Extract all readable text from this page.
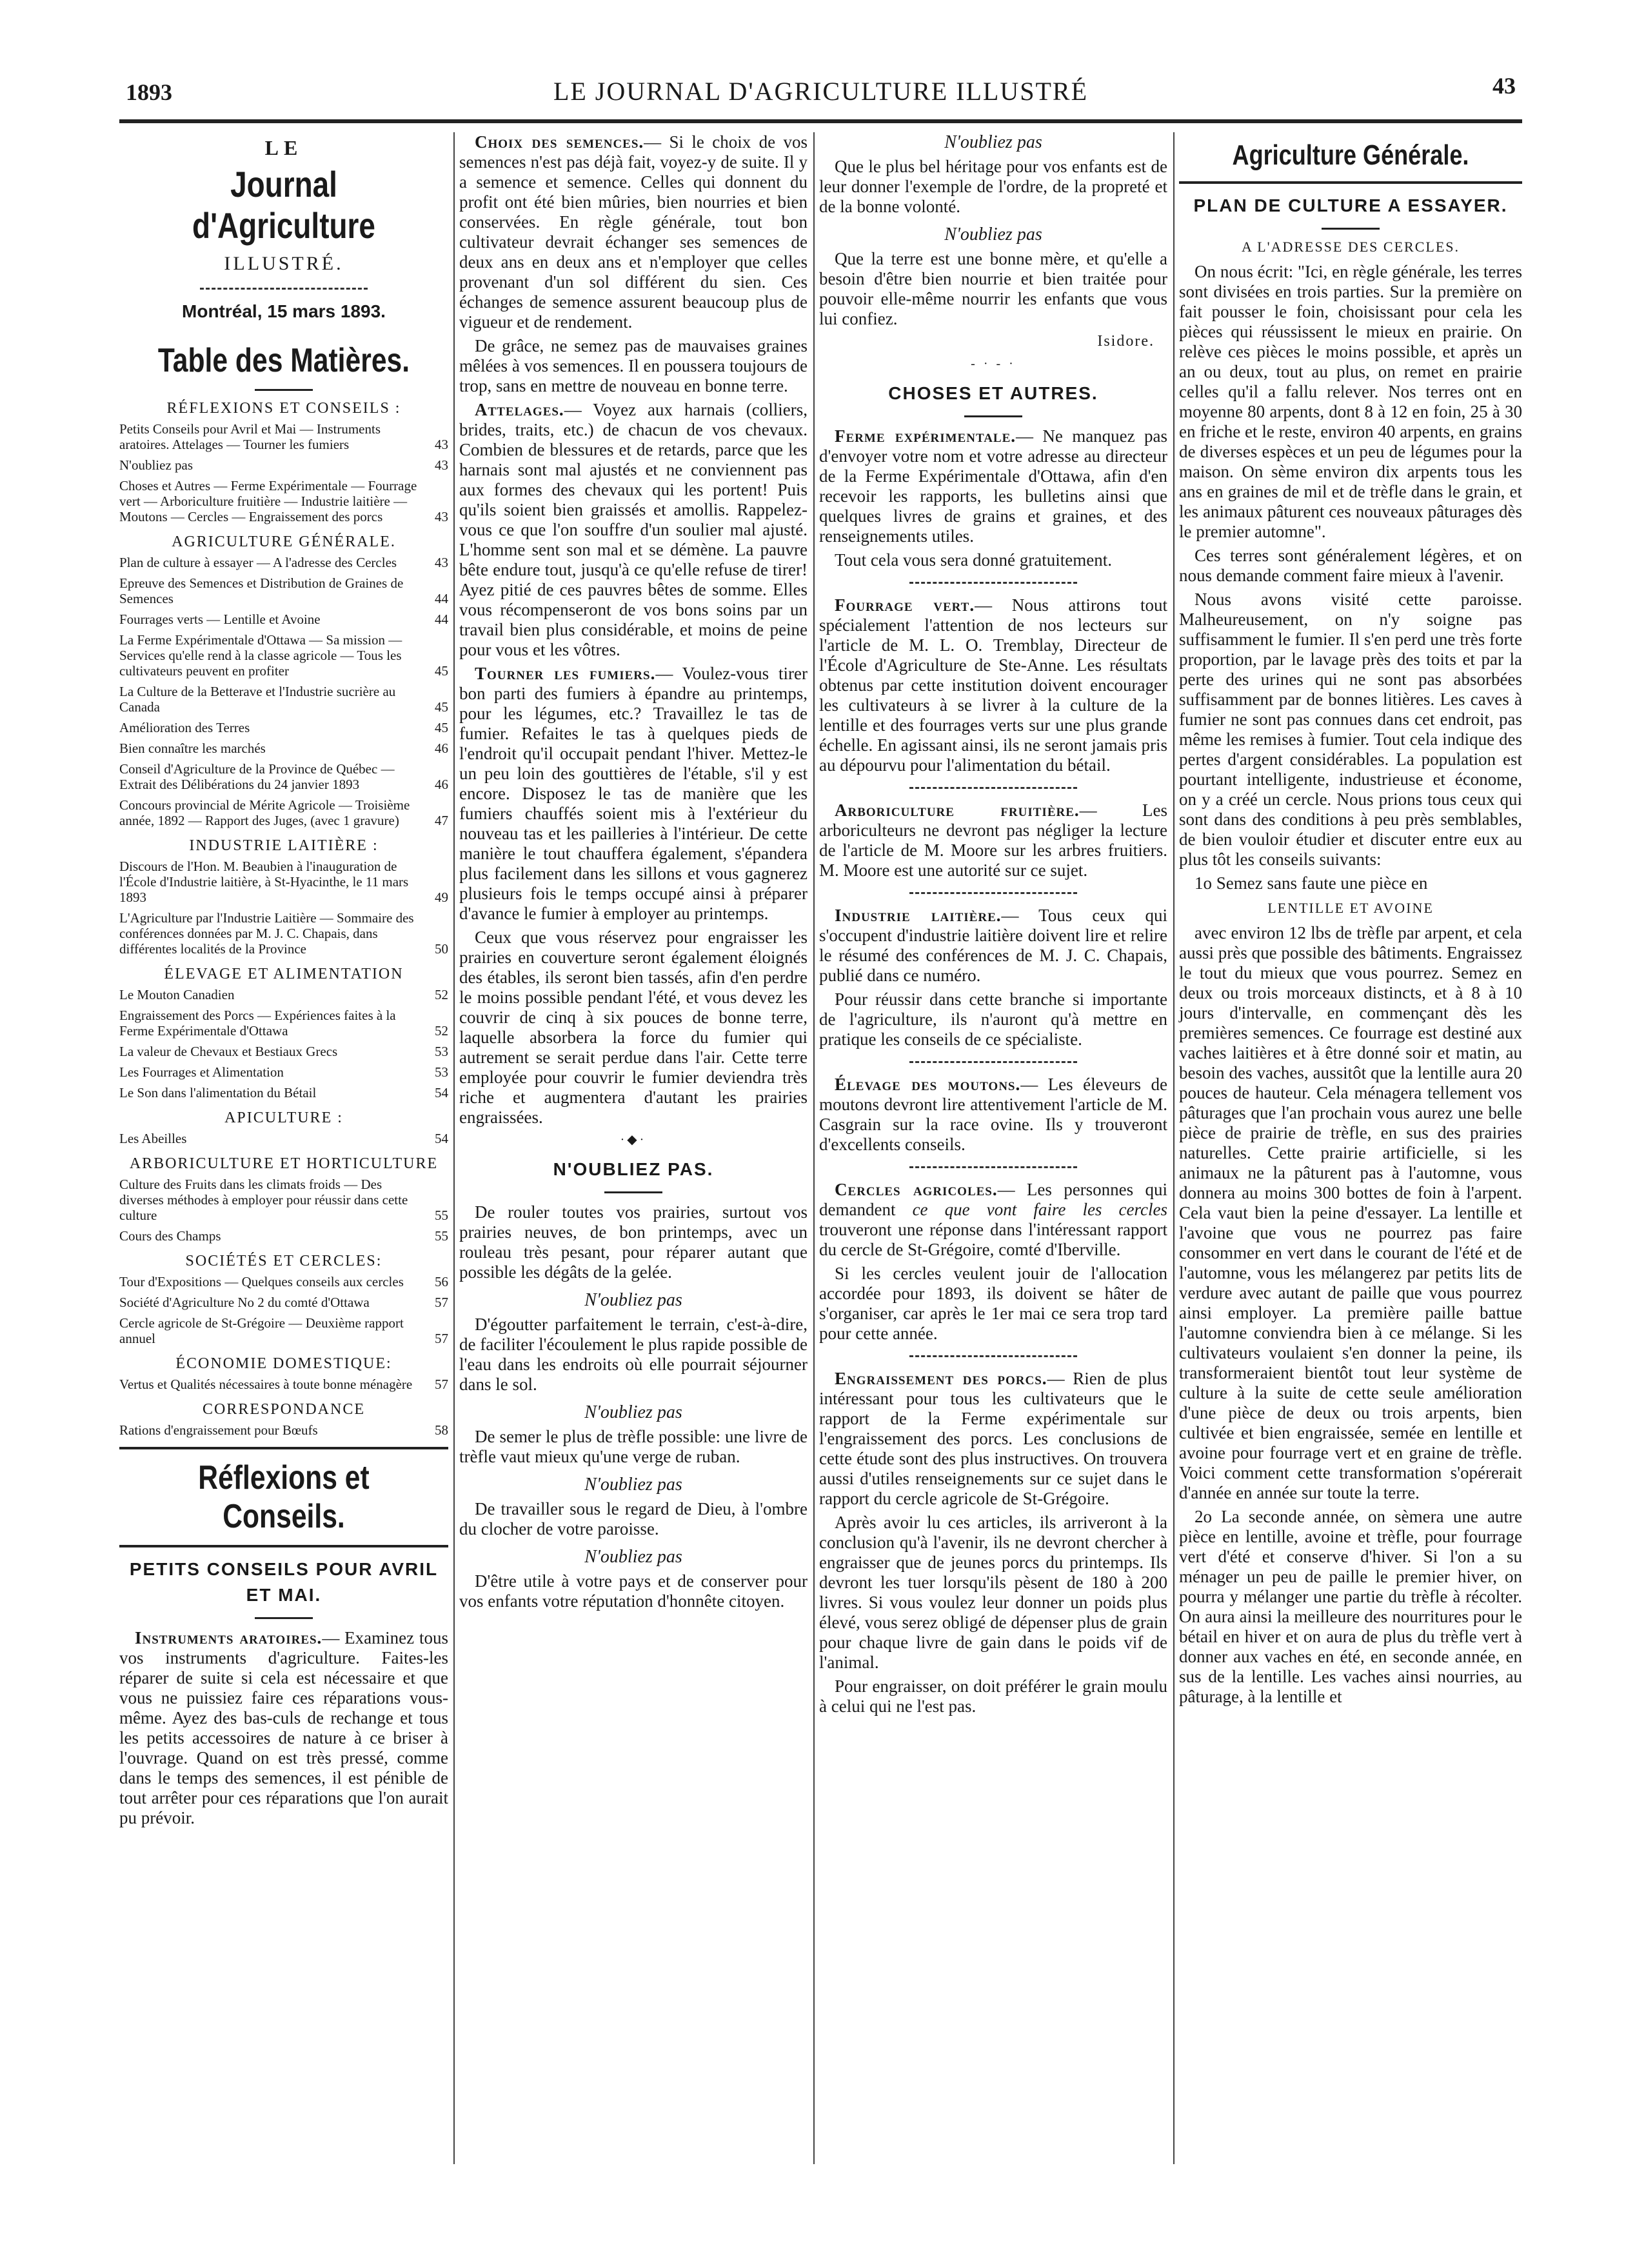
1893	LE JOURNAL D'AGRICULTURE ILLUSTRÉ	43
LE
Journal d'Agriculture
ILLUSTRÉ.
Montréal, 15 mars 1893.
Table des Matières.
RÉFLEXIONS ET CONSEILS :
Petits Conseils pour Avril et Mai — Instruments aratoires. Attelages — Tourner les fumiers	43
N'oubliez pas	43
Choses et Autres — Ferme Expérimentale — Fourrage vert — Arboriculture fruitière — Industrie laitière — Moutons — Cercles — Engraissement des porcs	43
AGRICULTURE GÉNÉRALE.
Plan de culture à essayer — A l'adresse des Cercles	43
Epreuve des Semences et Distribution de Graines de Semences	44
Fourrages verts — Lentille et Avoine	44
La Ferme Expérimentale d'Ottawa — Sa mission — Services qu'elle rend à la classe agricole — Tous les cultivateurs peuvent en profiter	45
La Culture de la Betterave et l'Industrie sucrière au Canada	45
Amélioration des Terres	45
Bien connaître les marchés	46
Conseil d'Agriculture de la Province de Québec — Extrait des Délibérations du 24 janvier 1893	46
Concours provincial de Mérite Agricole — Troisième année, 1892 — Rapport des Juges, (avec 1 gravure)	47
INDUSTRIE LAITIÈRE :
Discours de l'Hon. M. Beaubien à l'inauguration de l'École d'Industrie laitière, à St-Hyacinthe, le 11 mars 1893	49
L'Agriculture par l'Industrie Laitière — Sommaire des conférences données par M. J. C. Chapais, dans différentes localités de la Province	50
ÉLEVAGE ET ALIMENTATION
Le Mouton Canadien	52
Engraissement des Porcs — Expériences faites à la Ferme Expérimentale d'Ottawa	52
La valeur de Chevaux et Bestiaux Grecs	53
Les Fourrages et Alimentation	53
Le Son dans l'alimentation du Bétail	54
APICULTURE :
Les Abeilles	54
ARBORICULTURE ET HORTICULTURE
Culture des Fruits dans les climats froids — Des diverses méthodes à employer pour réussir dans cette culture	55
Cours des Champs	55
SOCIÉTÉS ET CERCLES:
Tour d'Expositions — Quelques conseils aux cercles	56
Société d'Agriculture No 2 du comté d'Ottawa	57
Cercle agricole de St-Grégoire — Deuxième rapport annuel	57
ÉCONOMIE DOMESTIQUE:
Vertus et Qualités nécessaires à toute bonne ménagère	57
CORRESPONDANCE
Rations d'engraissement pour Bœufs	58
Réflexions et Conseils.
PETITS CONSEILS POUR AVRIL ET MAI.

Instruments aratoires.— Examinez tous vos instruments d'agriculture. Faites-les réparer de suite si cela est nécessaire et que vous ne puissiez faire ces réparations vous-même. Ayez des bas-culs de rechange et tous les petits accessoires de nature à ce briser à l'ouvrage. Quand on est très pressé, comme dans le temps des semences, il est pénible de tout arrêter pour ces réparations que l'on aurait pu prévoir.

Choix des semences.— Si le choix de vos semences n'est pas déjà fait, voyez-y de suite. Il y a semence et semence. Celles qui donnent du profit ont été bien mûries, bien nourries et bien conservées. En règle générale, tout bon cultivateur devrait échanger ses semences de deux ans en deux ans et n'employer que celles provenant d'un sol différent du sien. Ces échanges de semence assurent beaucoup plus de vigueur et de rendement.

De grâce, ne semez pas de mauvaises graines mêlées à vos semences. Il en poussera toujours de trop, sans en mettre de nouveau en bonne terre.

Attelages.— Voyez aux harnais (colliers, brides, traits, etc.) de chacun de vos chevaux. Combien de blessures et de retards, parce que les harnais sont mal ajustés et ne conviennent pas aux formes des chevaux qui les portent! Puis qu'ils soient bien graissés et amollis. Rappelez-vous ce que l'on souffre d'un soulier mal ajusté. L'homme sent son mal et se démène. La pauvre bête endure tout, jusqu'à ce qu'elle refuse de tirer! Ayez pitié de ces pauvres bêtes de somme. Elles vous récompenseront de vos bons soins par un travail bien plus considérable, et moins de peine pour vous et les vôtres.

Tourner les fumiers.— Voulez-vous tirer bon parti des fumiers à épandre au printemps, pour les légumes, etc.? Travaillez le tas de fumier. Refaites le tas à quelques pieds de l'endroit qu'il occupait pendant l'hiver. Mettez-le un peu loin des gouttières de l'étable, s'il y est encore. Disposez le tas de manière que les fumiers chauffés soient mis à l'extérieur du nouveau tas et les pailleries à l'intérieur. De cette manière le tout chauffera également, s'épandera plus facilement dans les sillons et vous gagnerez plusieurs fois le temps occupé ainsi à préparer d'avance le fumier à employer au printemps.

Ceux que vous réservez pour engraisser les prairies en couverture seront également éloignés des étables, ils seront bien tassés, afin d'en perdre le moins possible pendant l'été, et vous devez les couvrir de cinq à six pouces de bonne terre, laquelle absorbera la force du fumier qui autrement se serait perdue dans l'air. Cette terre employée pour couvrir le fumier deviendra très riche et augmentera d'autant les prairies engraissées.

·◆·
N'OUBLIEZ PAS.

De rouler toutes vos prairies, surtout vos prairies neuves, de bon printemps, avec un rouleau très pesant, pour réparer autant que possible les dégâts de la gelée.

N'oubliez pas

D'égoutter parfaitement le terrain, c'est-à-dire, de faciliter l'écoulement le plus rapide possible de l'eau dans les endroits où elle pourrait séjourner dans le sol.

N'oubliez pas

De semer le plus de trèfle possible: une livre de trèfle vaut mieux qu'une verge de ruban.

N'oubliez pas

De travailler sous le regard de Dieu, à l'ombre du clocher de votre paroisse.

N'oubliez pas

D'être utile à votre pays et de conserver pour vos enfants votre réputation d'honnête citoyen.

N'oubliez pas

Que le plus bel héritage pour vos enfants est de leur donner l'exemple de l'ordre, de la propreté et de la bonne volonté.

N'oubliez pas

Que la terre est une bonne mère, et qu'elle a besoin d'être bien nourrie et bien traitée pour pouvoir elle-même nourrir les enfants que vous lui confiez.

Isidore.
- · - ·
CHOSES ET AUTRES.

Ferme expérimentale.— Ne manquez pas d'envoyer votre nom et votre adresse au directeur de la Ferme Expérimentale d'Ottawa, afin d'en recevoir les rapports, les bulletins ainsi que quelques livres de grains et graines, et des renseignements utiles.

Tout cela vous sera donné gratuitement.

Fourrage vert.— Nous attirons tout spécialement l'attention de nos lecteurs sur l'article de M. L. O. Tremblay, Directeur de l'École d'Agriculture de Ste-Anne. Les résultats obtenus par cette institution doivent encourager les cultivateurs à se livrer à la culture de la lentille et des fourrages verts sur une plus grande échelle. En agissant ainsi, ils ne seront jamais pris au dépourvu pour l'alimentation du bétail.

Arboriculture fruitière.— Les arboriculteurs ne devront pas négliger la lecture de l'article de M. Moore sur les arbres fruitiers. M. Moore est une autorité sur ce sujet.

Industrie laitière.— Tous ceux qui s'occupent d'industrie laitière doivent lire et relire le résumé des conférences de M. J. C. Chapais, publié dans ce numéro.

Pour réussir dans cette branche si importante de l'agriculture, ils n'auront qu'à mettre en pratique les conseils de ce spécialiste.

Élevage des moutons.— Les éleveurs de moutons devront lire attentivement l'article de M. Casgrain sur la race ovine. Ils y trouveront d'excellents conseils.

Cercles agricoles.— Les personnes qui demandent ce que vont faire les cercles trouveront une réponse dans l'intéressant rapport du cercle de St-Grégoire, comté d'Iberville.

Si les cercles veulent jouir de l'allocation accordée pour 1893, ils doivent se hâter de s'organiser, car après le 1er mai ce sera trop tard pour cette année.

Engraissement des porcs.— Rien de plus intéressant pour tous les cultivateurs que le rapport de la Ferme expérimentale sur l'engraissement des porcs. Les conclusions de cette étude sont des plus instructives. On trouvera aussi d'utiles renseignements sur ce sujet dans le rapport du cercle agricole de St-Grégoire.

Après avoir lu ces articles, ils arriveront à la conclusion qu'à l'avenir, ils ne devront chercher à engraisser que de jeunes porcs du printemps. Ils devront les tuer lorsqu'ils pèsent de 180 à 200 livres. Si vous voulez leur donner un poids plus élevé, vous serez obligé de dépenser plus de grain pour chaque livre de gain dans le poids vif de l'animal.

Pour engraisser, on doit préférer le grain moulu à celui qui ne l'est pas.

Agriculture Générale.
PLAN DE CULTURE A ESSAYER.
A L'ADRESSE DES CERCLES.

On nous écrit: "Ici, en règle générale, les terres sont divisées en trois parties. Sur la première on fait pousser le foin, choisissant pour cela les pièces qui réussissent le mieux en prairie. On relève ces pièces le moins possible, et après un an ou deux, tout au plus, on remet en prairie celles qu'il a fallu relever. Nos terres ont en moyenne 80 arpents, dont 8 à 12 en foin, 25 à 30 en friche et le reste, environ 40 arpents, en grains de diverses espèces et un peu de légumes pour la maison. On sème environ dix arpents tous les ans en graines de mil et de trèfle dans le grain, et les animaux pâturent ces nouveaux pâturages dès le premier automne".

Ces terres sont généralement légères, et on nous demande comment faire mieux à l'avenir.

Nous avons visité cette paroisse. Malheureusement, on n'y soigne pas suffisamment le fumier. Il s'en perd une très forte proportion, par le lavage près des toits et par la perte des urines qui ne sont pas absorbées suffisamment par de bonnes litières. Les caves à fumier ne sont pas connues dans cet endroit, pas même les remises à fumier. Tout cela indique des pertes d'argent considérables. La population est pourtant intelligente, industrieuse et économe, on y a créé un cercle. Nous prions tous ceux qui sont dans des conditions à peu près semblables, de bien vouloir étudier et discuter entre eux au plus tôt les conseils suivants:

1o Semez sans faute une pièce en

LENTILLE ET AVOINE

avec environ 12 lbs de trèfle par arpent, et cela aussi près que possible des bâtiments. Engraissez le tout du mieux que vous pourrez. Semez en deux ou trois morceaux distincts, et à 8 à 10 jours d'intervalle, en commençant dès les premières semences. Ce fourrage est destiné aux vaches laitières et à être donné soir et matin, au besoin des vaches, aussitôt que la lentille aura 20 pouces de hauteur. Cela ménagera tellement vos pâturages que l'an prochain vous aurez une belle pièce de prairie de trèfle, en sus des prairies naturelles. Cette prairie artificielle, si les animaux ne la pâturent pas à l'automne, vous donnera au moins 300 bottes de foin à l'arpent. Cela vaut bien la peine d'essayer. La lentille et l'avoine que vous ne pourrez pas faire consommer en vert dans le courant de l'été et de l'automne, vous les mélangerez par petits lits de verdure avec autant de paille que vous pourrez ainsi employer. La première paille battue l'automne conviendra bien à ce mélange. Si les cultivateurs voulaient s'en donner la peine, ils transformeraient bientôt tout leur système de culture à la suite de cette seule amélioration d'une pièce de deux ou trois arpents, bien cultivée et bien engraissée, semée en lentille et avoine pour fourrage vert et en graine de trèfle. Voici comment cette transformation s'opérerait d'année en année sur toute la terre.

2o La seconde année, on sèmera une autre pièce en lentille, avoine et trèfle, pour fourrage vert d'été et conserve d'hiver. Si l'on a su ménager un peu de paille le premier hiver, on pourra y mélanger une partie du trèfle à récolter. On aura ainsi la meilleure des nourritures pour le bétail en hiver et on aura de plus du trèfle vert à donner aux vaches en été, en seconde année, en sus de la lentille. Les vaches ainsi nourries, au pâturage, à la lentille et
